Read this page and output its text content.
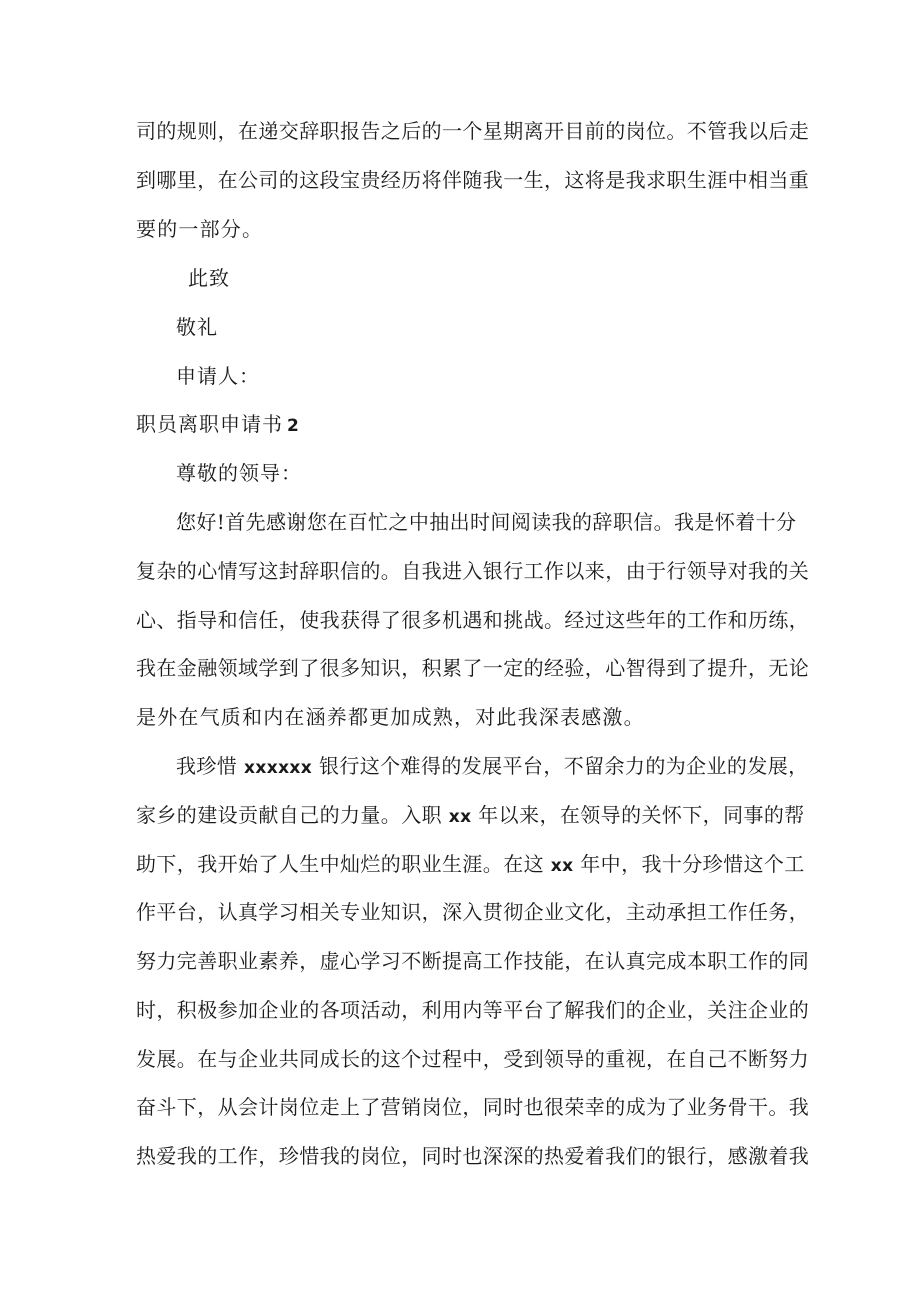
司的规则，在递交辞职报告之后的一个星期离开目前的岗位。不管我以后走
到哪里，在公司的这段宝贵经历将伴随我一生，这将是我求职生涯中相当重
要的一部分。
此致
敬礼
申请人：
职员离职申请书 2
尊敬的领导：
您好!首先感谢您在百忙之中抽出时间阅读我的辞职信。我是怀着十分
复杂的心情写这封辞职信的。自我进入银行工作以来，由于行领导对我的关
心、指导和信任，使我获得了很多机遇和挑战。经过这些年的工作和历练，
我在金融领域学到了很多知识，积累了一定的经验，心智得到了提升，无论
是外在气质和内在涵养都更加成熟，对此我深表感激。
我珍惜 xxxxxx 银行这个难得的发展平台，不留余力的为企业的发展，
家乡的建设贡献自己的力量。入职 xx 年以来，在领导的关怀下，同事的帮
助下，我开始了人生中灿烂的职业生涯。在这 xx 年中，我十分珍惜这个工
作平台，认真学习相关专业知识，深入贯彻企业文化，主动承担工作任务，
努力完善职业素养，虚心学习不断提高工作技能，在认真完成本职工作的同
时，积极参加企业的各项活动，利用内等平台了解我们的企业，关注企业的
发展。在与企业共同成长的这个过程中，受到领导的重视，在自己不断努力
奋斗下，从会计岗位走上了营销岗位，同时也很荣幸的成为了业务骨干。我
热爱我的工作，珍惜我的岗位，同时也深深的热爱着我们的银行，感激着我
